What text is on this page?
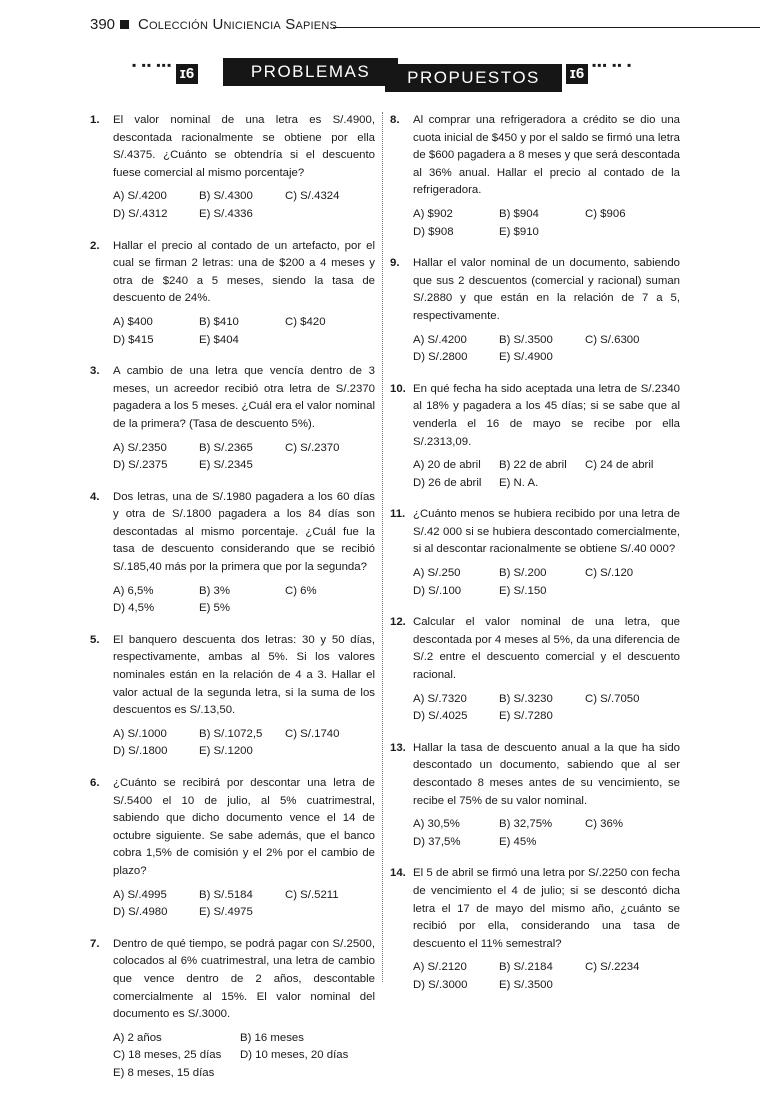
390 Colección Uniciencia Sapiens
▪ ▪▪ ▪▪▪ ɪ6	PROBLEMAS	PROPUESTOS	ɪ6 ▪▪▪ ▪▪ ▪
1. El valor nominal de una letra es S/.4900, descontada racionalmente se obtiene por ella S/.4375. ¿Cuánto se obtendría si el descuento fuese comercial al mismo porcentaje?
A) S/.4200	B) S/.4300	C) S/.4324
D) S/.4312	E) S/.4336
2. Hallar el precio al contado de un artefacto, por el cual se firman 2 letras: una de $200 a 4 meses y otra de $240 a 5 meses, siendo la tasa de descuento de 24%.
A) $400	B) $410	C) $420
D) $415	E) $404
3. A cambio de una letra que vencía dentro de 3 meses, un acreedor recibió otra letra de S/.2370 pagadera a los 5 meses. ¿Cuál era el valor nominal de la primera? (Tasa de descuento 5%).
A) S/.2350	B) S/.2365	C) S/.2370
D) S/.2375	E) S/.2345
4. Dos letras, una de S/.1980 pagadera a los 60 días y otra de S/.1800 pagadera a los 84 días son descontadas al mismo porcentaje. ¿Cuál fue la tasa de descuento considerando que se recibió S/.185,40 más por la primera que por la segunda?
A) 6,5%	B) 3%	C) 6%
D) 4,5%	E) 5%
5. El banquero descuenta dos letras: 30 y 50 días, respectivamente, ambas al 5%. Si los valores nominales están en la relación de 4 a 3. Hallar el valor actual de la segunda letra, si la suma de los descuentos es S/.13,50.
A) S/.1000	B) S/.1072,5	C) S/.1740
D) S/.1800	E) S/.1200
6. ¿Cuánto se recibirá por descontar una letra de S/.5400 el 10 de julio, al 5% cuatrimestral, sabiendo que dicho documento vence el 14 de octubre siguiente. Se sabe además, que el banco cobra 1,5% de comisión y el 2% por el cambio de plazo?
A) S/.4995	B) S/.5184	C) S/.5211
D) S/.4980	E) S/.4975
7. Dentro de qué tiempo, se podrá pagar con S/.2500, colocados al 6% cuatrimestral, una letra de cambio que vence dentro de 2 años, descontable comercialmente al 15%. El valor nominal del documento es S/.3000.
A) 2 años	B) 16 meses
C) 18 meses, 25 días	D) 10 meses, 20 días
E) 8 meses, 15 días
8. Al comprar una refrigeradora a crédito se dio una cuota inicial de $450 y por el saldo se firmó una letra de $600 pagadera a 8 meses y que será descontada al 36% anual. Hallar el precio al contado de la refrigeradora.
A) $902	B) $904	C) $906
D) $908	E) $910
9. Hallar el valor nominal de un documento, sabiendo que sus 2 descuentos (comercial y racional) suman S/.2880 y que están en la relación de 7 a 5, respectivamente.
A) S/.4200	B) S/.3500	C) S/.6300
D) S/.2800	E) S/.4900
10. En qué fecha ha sido aceptada una letra de S/.2340 al 18% y pagadera a los 45 días; si se sabe que al venderla el 16 de mayo se recibe por ella S/.2313,09.
A) 20 de abril	B) 22 de abril	C) 24 de abril
D) 26 de abril	E) N. A.
11. ¿Cuánto menos se hubiera recibido por una letra de S/.42 000 si se hubiera descontado comercialmente, si al descontar racionalmente se obtiene S/.40 000?
A) S/.250	B) S/.200	C) S/.120
D) S/.100	E) S/.150
12. Calcular el valor nominal de una letra, que descontada por 4 meses al 5%, da una diferencia de S/.2 entre el descuento comercial y el descuento racional.
A) S/.7320	B) S/.3230	C) S/.7050
D) S/.4025	E) S/.7280
13. Hallar la tasa de descuento anual a la que ha sido descontado un documento, sabiendo que al ser descontado 8 meses antes de su vencimiento, se recibe el 75% de su valor nominal.
A) 30,5%	B) 32,75%	C) 36%
D) 37,5%	E) 45%
14. El 5 de abril se firmó una letra por S/.2250 con fecha de vencimiento el 4 de julio; si se descontó dicha letra el 17 de mayo del mismo año, ¿cuánto se recibió por ella, considerando una tasa de descuento el 11% semestral?
A) S/.2120	B) S/.2184	C) S/.2234
D) S/.3000	E) S/.3500
